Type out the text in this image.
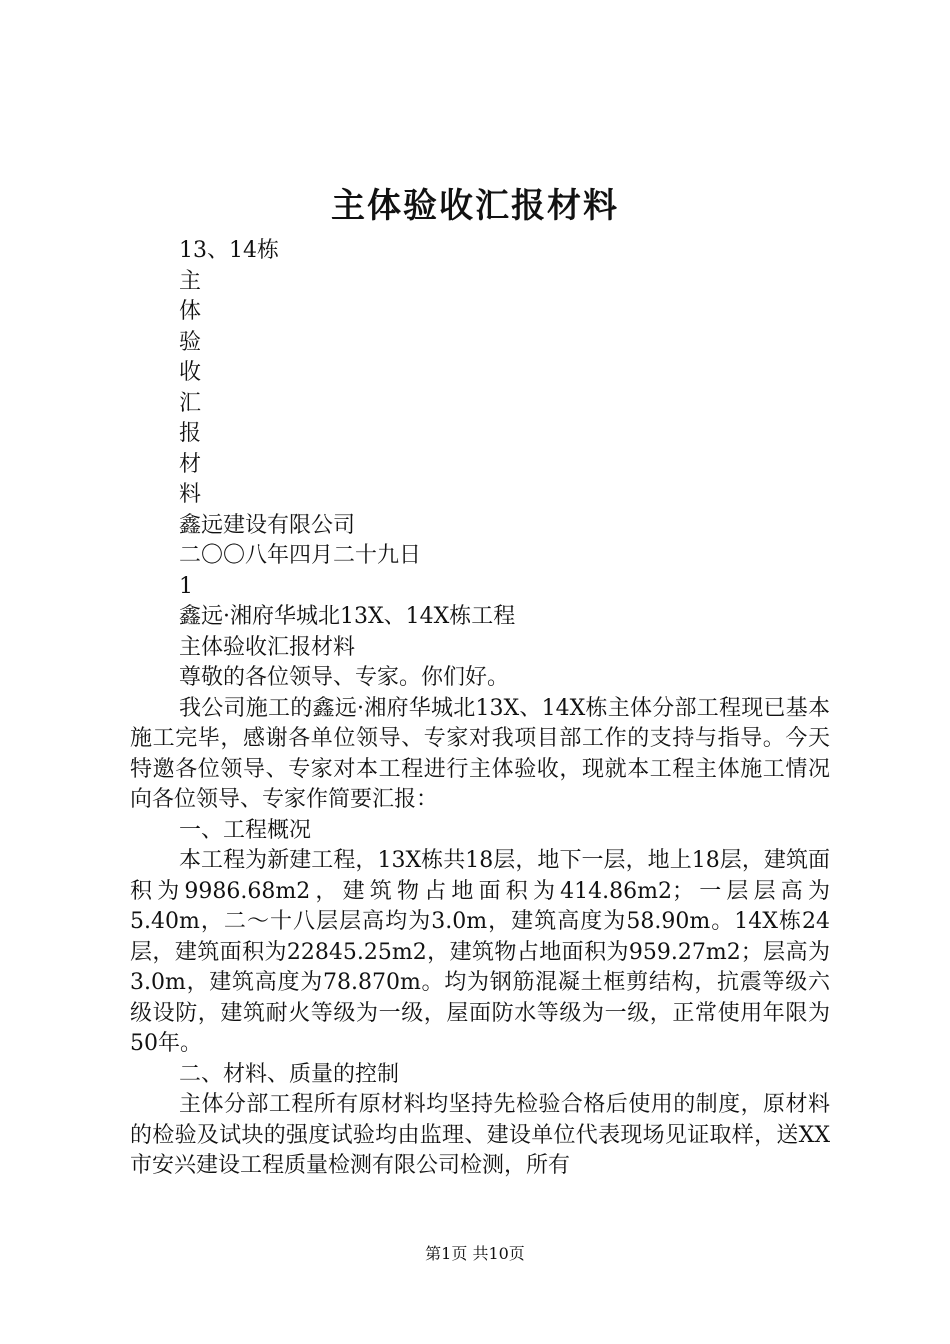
主体验收汇报材料
13、14栋
主
体
验
收
汇
报
材
料
鑫远建设有限公司
二〇〇八年四月二十九日
1
鑫远·湘府华城北13X、14X栋工程
主体验收汇报材料
尊敬的各位领导、专家。你们好。

我公司施工的鑫远·湘府华城北13X、14X栋主体分部工程现已基本施工完毕，感谢各单位领导、专家对我项目部工作的支持与指导。今天特邀各位领导、专家对本工程进行主体验收，现就本工程主体施工情况向各位领导、专家作简要汇报：

一、工程概况

本工程为新建工程，13X栋共18层，地下一层，地上18层，建筑面积为9986.68m2，建筑物占地面积为414.86m2；一层层高为5.40m，二～十八层层高均为3.0m，建筑高度为58.90m。14X栋24层，建筑面积为22845.25m2，建筑物占地面积为959.27m2；层高为3.0m，建筑高度为78.870m。均为钢筋混凝土框剪结构，抗震等级六级设防，建筑耐火等级为一级，屋面防水等级为一级，正常使用年限为50年。

二、材料、质量的控制

主体分部工程所有原材料均坚持先检验合格后使用的制度，原材料的检验及试块的强度试验均由监理、建设单位代表现场见证取样，送XX市安兴建设工程质量检测有限公司检测，所有

第1页 共10页
